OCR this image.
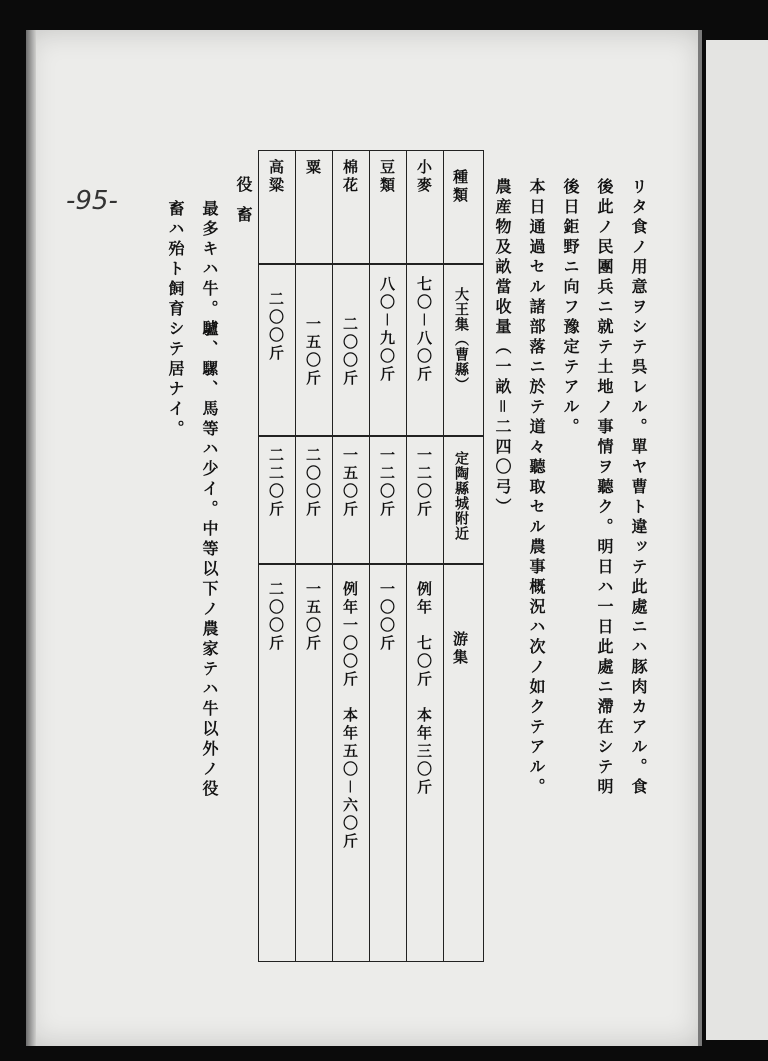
-95-	リタ食ノ用意ヲシテ呉レル。單ヤ曹ト違ッテ此處ニハ豚肉カアル。食
後此ノ民團兵ニ就テ土地ノ事情ヲ聽ク。明日ハ一日此處ニ滯在シテ明
後日鉅野ニ向フ豫定テアル。
本日通過セル諸部落ニ於テ道々聽取セル農事概況ハ次ノ如クテアル。
農産物及畝當收量（一畝＝二四〇弓）
種類
大王集（曹縣）
定陶縣城附近
游集
小麥
七〇－八〇斤
一二〇斤
例年　七〇斤　本年三〇斤
豆類
八〇－九〇斤
一二〇斤
一〇〇斤
棉花
二〇〇斤
一五〇斤
例年一〇〇斤　本年五〇－六〇斤
粟
一五〇斤
二〇〇斤
一五〇斤
高粱
二〇〇斤
二二〇斤
二〇〇斤
役畜
最多キハ牛。驢、騾、馬等ハ少イ。中等以下ノ農家テハ牛以外ノ役
畜ハ殆ト飼育シテ居ナイ。
